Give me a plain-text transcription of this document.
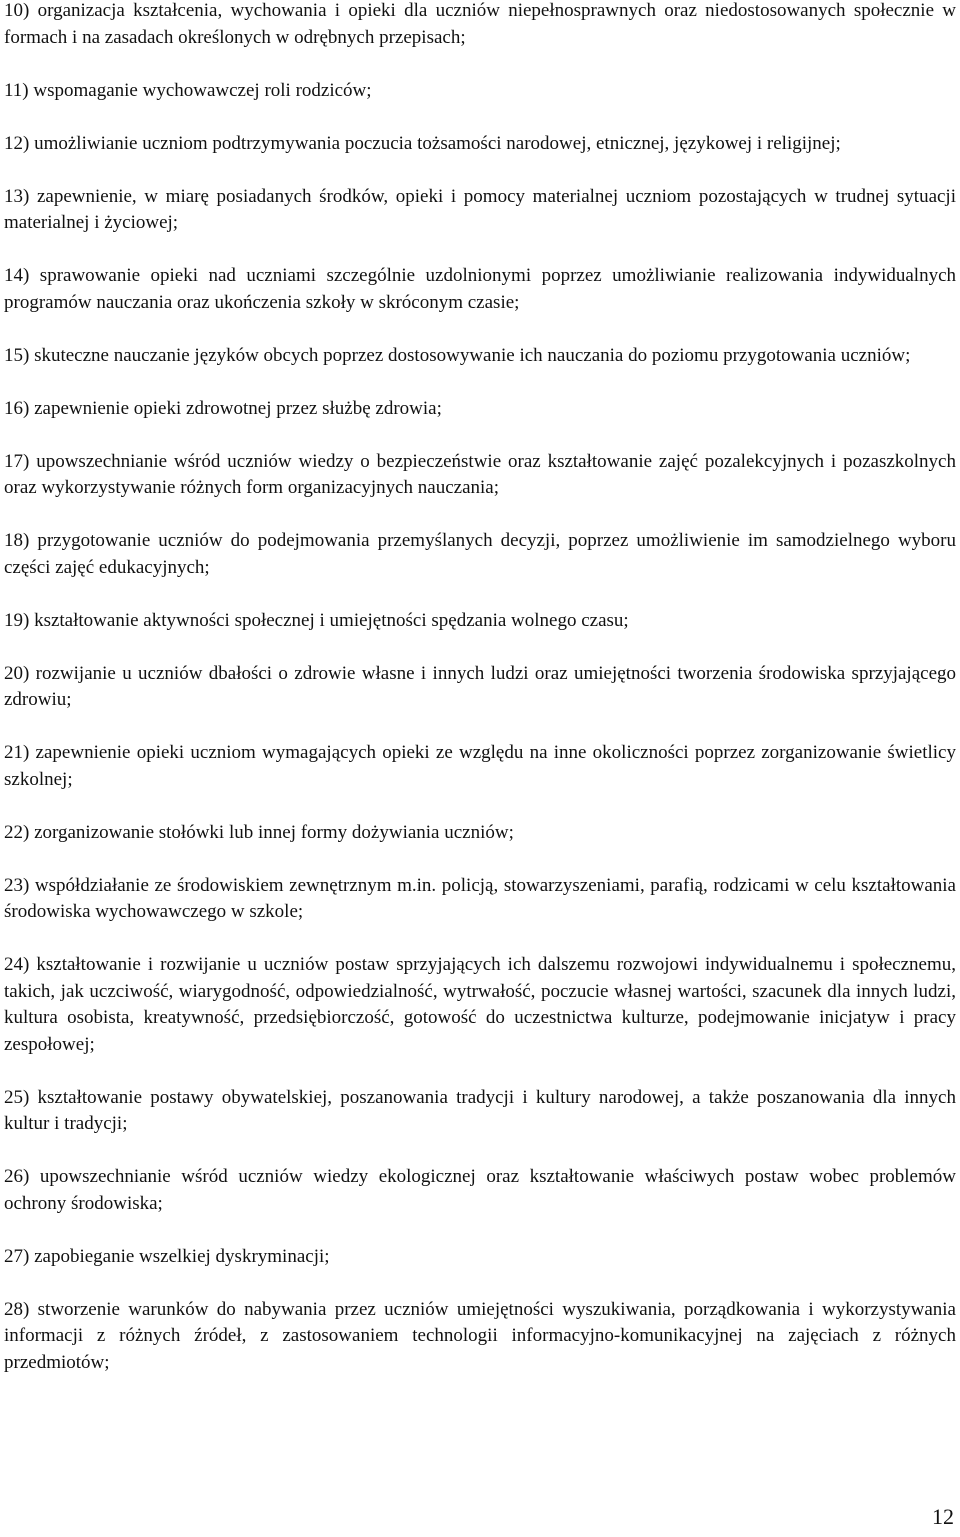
10) organizacja kształcenia, wychowania i opieki dla uczniów niepełnosprawnych oraz niedostosowanych społecznie w formach i na zasadach określonych w odrębnych przepisach;

11) wspomaganie wychowawczej roli rodziców;

12) umożliwianie uczniom podtrzymywania poczucia tożsamości narodowej, etnicznej, językowej i religijnej;

13) zapewnienie, w miarę posiadanych środków, opieki i pomocy materialnej uczniom pozostających w trudnej sytuacji materialnej i życiowej;

14) sprawowanie opieki nad uczniami szczególnie uzdolnionymi poprzez umożliwianie realizowania indywidualnych programów nauczania oraz ukończenia szkoły w skróconym czasie;

15) skuteczne nauczanie języków obcych poprzez dostosowywanie ich nauczania do poziomu przygotowania uczniów;

16) zapewnienie opieki zdrowotnej przez służbę zdrowia;

17) upowszechnianie wśród uczniów wiedzy o bezpieczeństwie oraz kształtowanie zajęć pozalekcyjnych i pozaszkolnych oraz wykorzystywanie różnych form organizacyjnych nauczania;

18) przygotowanie uczniów do podejmowania przemyślanych decyzji, poprzez umożliwienie im samodzielnego wyboru części zajęć edukacyjnych;

19) kształtowanie aktywności społecznej i umiejętności spędzania wolnego czasu;

20) rozwijanie u uczniów dbałości o zdrowie własne i innych ludzi oraz umiejętności tworzenia środowiska sprzyjającego zdrowiu;

21) zapewnienie opieki uczniom wymagających opieki ze względu na inne okoliczności poprzez zorganizowanie świetlicy szkolnej;

22) zorganizowanie stołówki lub innej formy dożywiania uczniów;

23) współdziałanie ze środowiskiem zewnętrznym m.in. policją, stowarzyszeniami, parafią, rodzicami w celu kształtowania środowiska wychowawczego w szkole;

24) kształtowanie i rozwijanie u uczniów postaw sprzyjających ich dalszemu rozwojowi indywidualnemu i społecznemu, takich, jak uczciwość, wiarygodność, odpowiedzialność, wytrwałość, poczucie własnej wartości, szacunek dla innych ludzi, kultura osobista, kreatywność, przedsiębiorczość, gotowość do uczestnictwa kulturze, podejmowanie inicjatyw i pracy zespołowej;

25) kształtowanie postawy obywatelskiej, poszanowania tradycji i kultury narodowej, a także poszanowania dla innych kultur i tradycji;

26) upowszechnianie wśród uczniów wiedzy ekologicznej oraz kształtowanie właściwych postaw wobec problemów ochrony środowiska;

27) zapobieganie wszelkiej dyskryminacji;

28) stworzenie warunków do nabywania przez uczniów umiejętności wyszukiwania, porządkowania i wykorzystywania informacji z różnych źródeł, z zastosowaniem technologii informacyjno-komunikacyjnej na zajęciach z różnych przedmiotów;

12
